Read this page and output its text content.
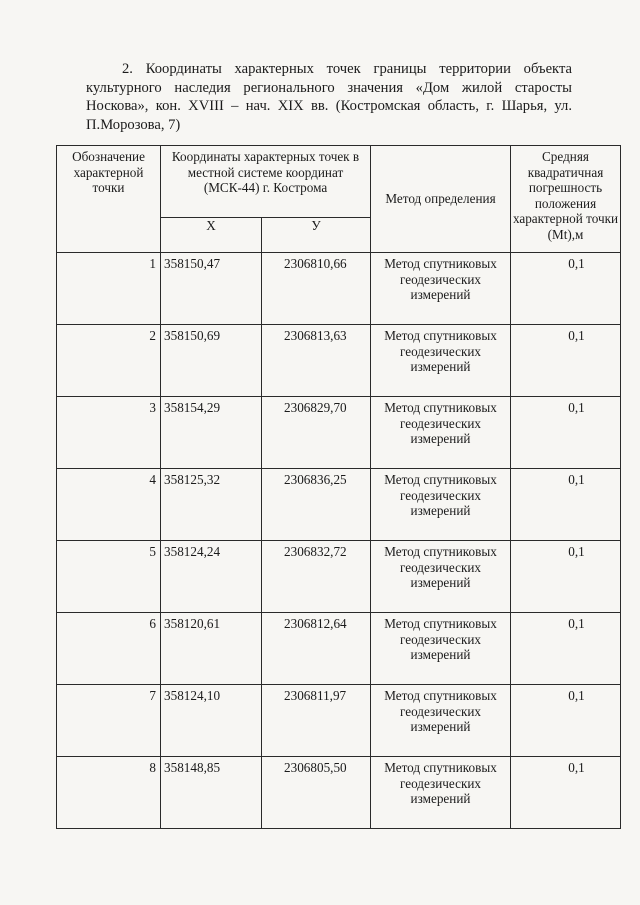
2. Координаты характерных точек границы территории объекта культурного наследия регионального значения «Дом жилой старосты Носкова», кон. XVIII – нач. XIX вв. (Костромская область, г. Шарья, ул. П.Морозова, 7)
Обозначение характерной точки	Координаты характерных точек в местной системе координат (МСК-44) г. Кострома		Метод определения	Средняя квадратичная погрешность положения характерной точки (Mt),м
	Х	У		
1	358150,47	2306810,66	Метод спутниковых геодезических измерений	0,1
2	358150,69	2306813,63	Метод спутниковых геодезических измерений	0,1
3	358154,29	2306829,70	Метод спутниковых геодезических измерений	0,1
4	358125,32	2306836,25	Метод спутниковых геодезических измерений	0,1
5	358124,24	2306832,72	Метод спутниковых геодезических измерений	0,1
6	358120,61	2306812,64	Метод спутниковых геодезических измерений	0,1
7	358124,10	2306811,97	Метод спутниковых геодезических измерений	0,1
8	358148,85	2306805,50	Метод спутниковых геодезических измерений	0,1
